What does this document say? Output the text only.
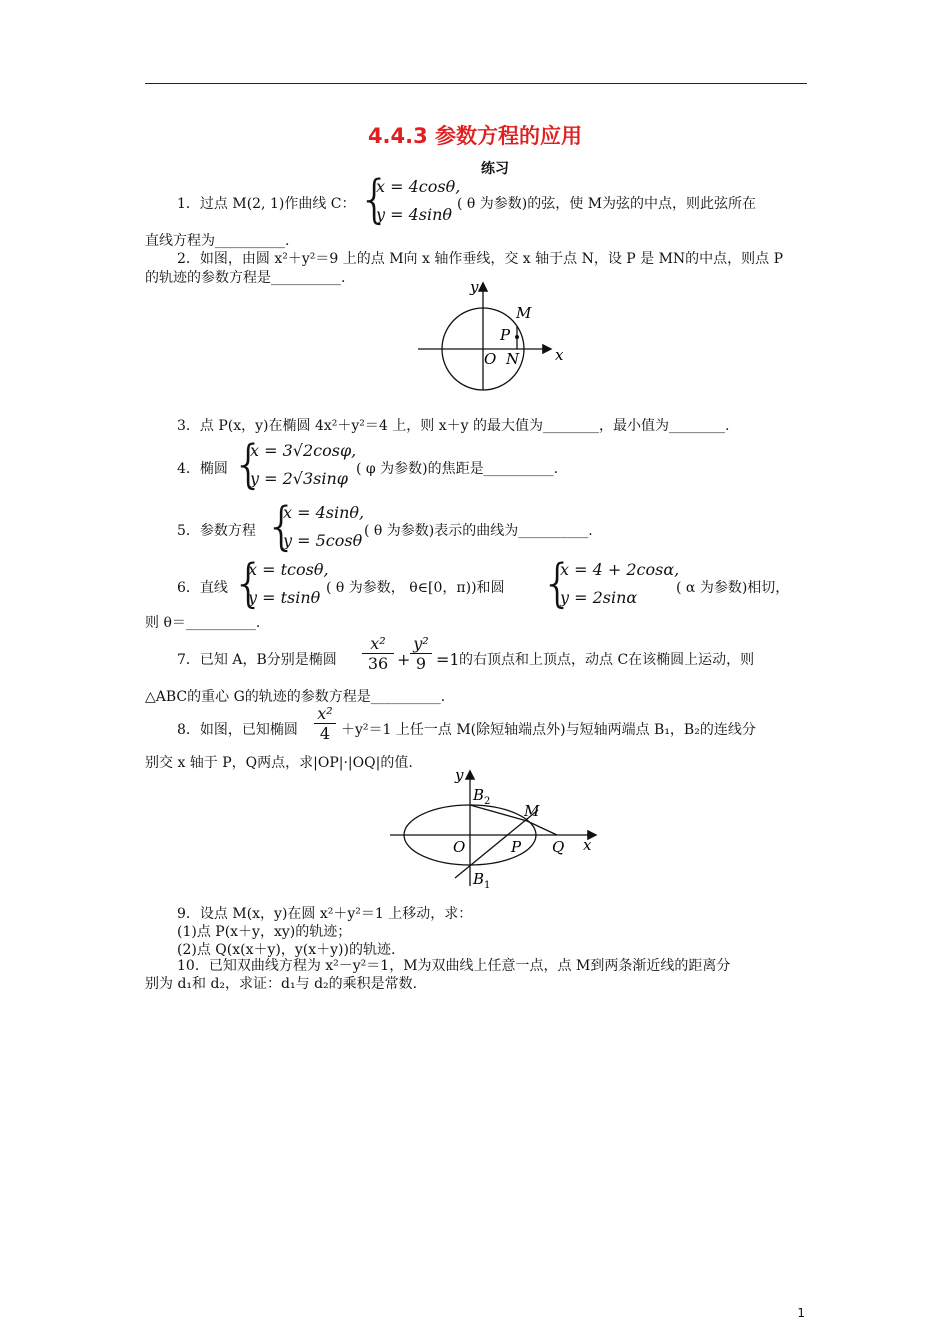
4.4.3 参数方程的应用
练习
1．过点 M(2, 1)作曲线 C： {
x = 4cosθ,
y = 4sinθ
( θ 为参数)的弦，使 M为弦的中点，则此弦所在
直线方程为__________.
2．如图，由圆 x²＋y²＝9 上的点 M向 x 轴作垂线，交 x 轴于点 N，设 P 是 MN的中点，则点 P
的轨迹的参数方程是__________.	y
x
M
P
O N
3．点 P(x，y)在椭圆 4x²＋y²＝4 上，则 x＋y 的最大值为________，最小值为________.
4．椭圆 {
x = 3√2cosφ,
y = 2√3sinφ ( φ 为参数)的焦距是__________.
5．参数方程 {
x = 4sinθ,
y = 5cosθ ( θ 为参数)表示的曲线为__________.
6．直线 {
x = tcosθ,
y = tsinθ ( θ 为参数， θ∈[0，π))和圆 {
x = 4 + 2cosα,
y = 2sinα	( α 为参数)相切，
则 θ＝__________.
7．已知 A，B分别是椭圆 $\frac{\text{x²}}{36} + \frac{\text{y²}}{9} =1$ 的右顶点和上顶点，动点 C在该椭圆上运动，则
△ABC的重心 G的轨迹的参数方程是__________.
8．如图，已知椭圆 $\frac{\text{x²}}{4} +y^2=1$ 上任一点 M(除短轴端点外)与短轴两端点 B₁，B₂的连线分
别交 x 轴于 P，Q两点，求|OP|·|OQ|的值.
y
x
$B_2$
M
O	P Q
$B_1$
9．设点 M(x，y)在圆 x²＋y²＝1 上移动，求：
(1)点 P(x＋y，xy)的轨迹；
(2)点 Q(x(x＋y)，y(x＋y))的轨迹.
10．已知双曲线方程为 x²－y²＝1，M为双曲线上任意一点，点 M到两条渐近线的距离分
别为 d₁和 d₂，求证：d₁与 d₂的乘积是常数.
1
